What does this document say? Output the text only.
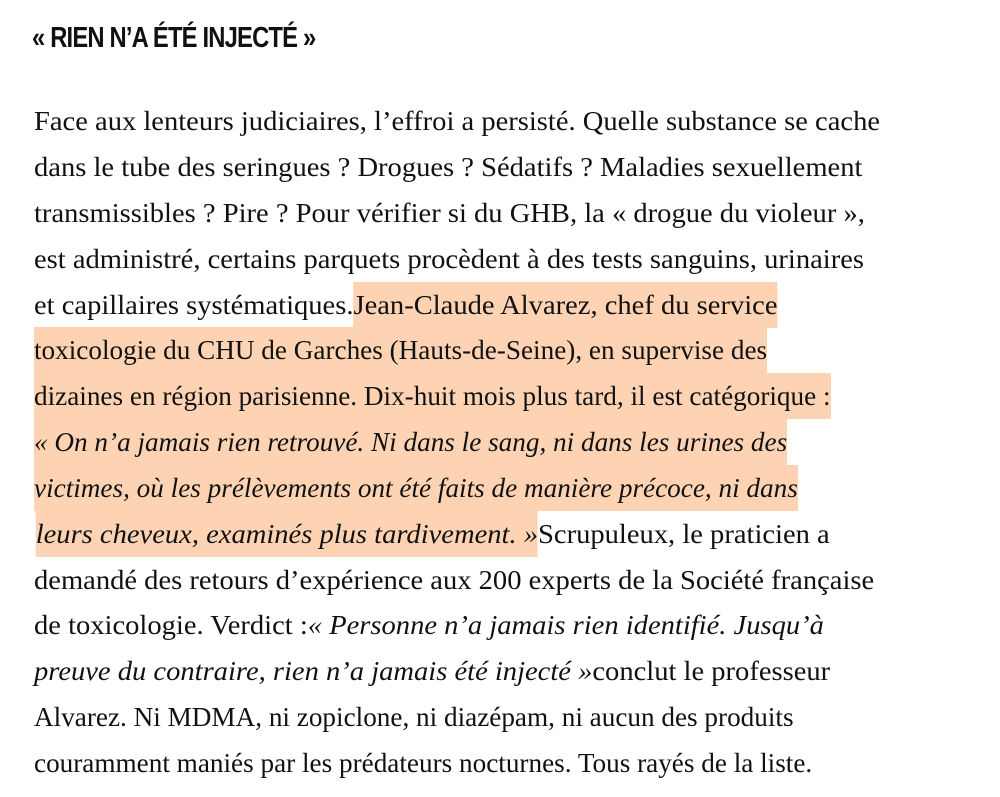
« RIEN N’A ÉTÉ INJECTÉ »
Face aux lenteurs judiciaires, l’effroi a persisté. Quelle substance se cache
dans le tube des seringues ? Drogues ? Sédatifs ? Maladies sexuellement
transmissibles ? Pire ? Pour vérifier si du GHB, la « drogue du violeur »,
est administré, certains parquets procèdent à des tests sanguins, urinaires
et capillaires systématiques.Jean-Claude Alvarez, chef du service
toxicologie du CHU de Garches (Hauts-de-Seine), en supervise des
dizaines en région parisienne. Dix-huit mois plus tard, il est catégorique :
« On n’a jamais rien retrouvé. Ni dans le sang, ni dans les urines des
victimes, où les prélèvements ont été faits de manière précoce, ni dans
leurs cheveux, examinés plus tardivement. »Scrupuleux, le praticien a
demandé des retours d’expérience aux 200 experts de la Société française
de toxicologie. Verdict :« Personne n’a jamais rien identifié. Jusqu’à
preuve du contraire, rien n’a jamais été injecté »conclut le professeur
Alvarez. Ni MDMA, ni zopiclone, ni diazépam, ni aucun des produits
couramment maniés par les prédateurs nocturnes. Tous rayés de la liste.
